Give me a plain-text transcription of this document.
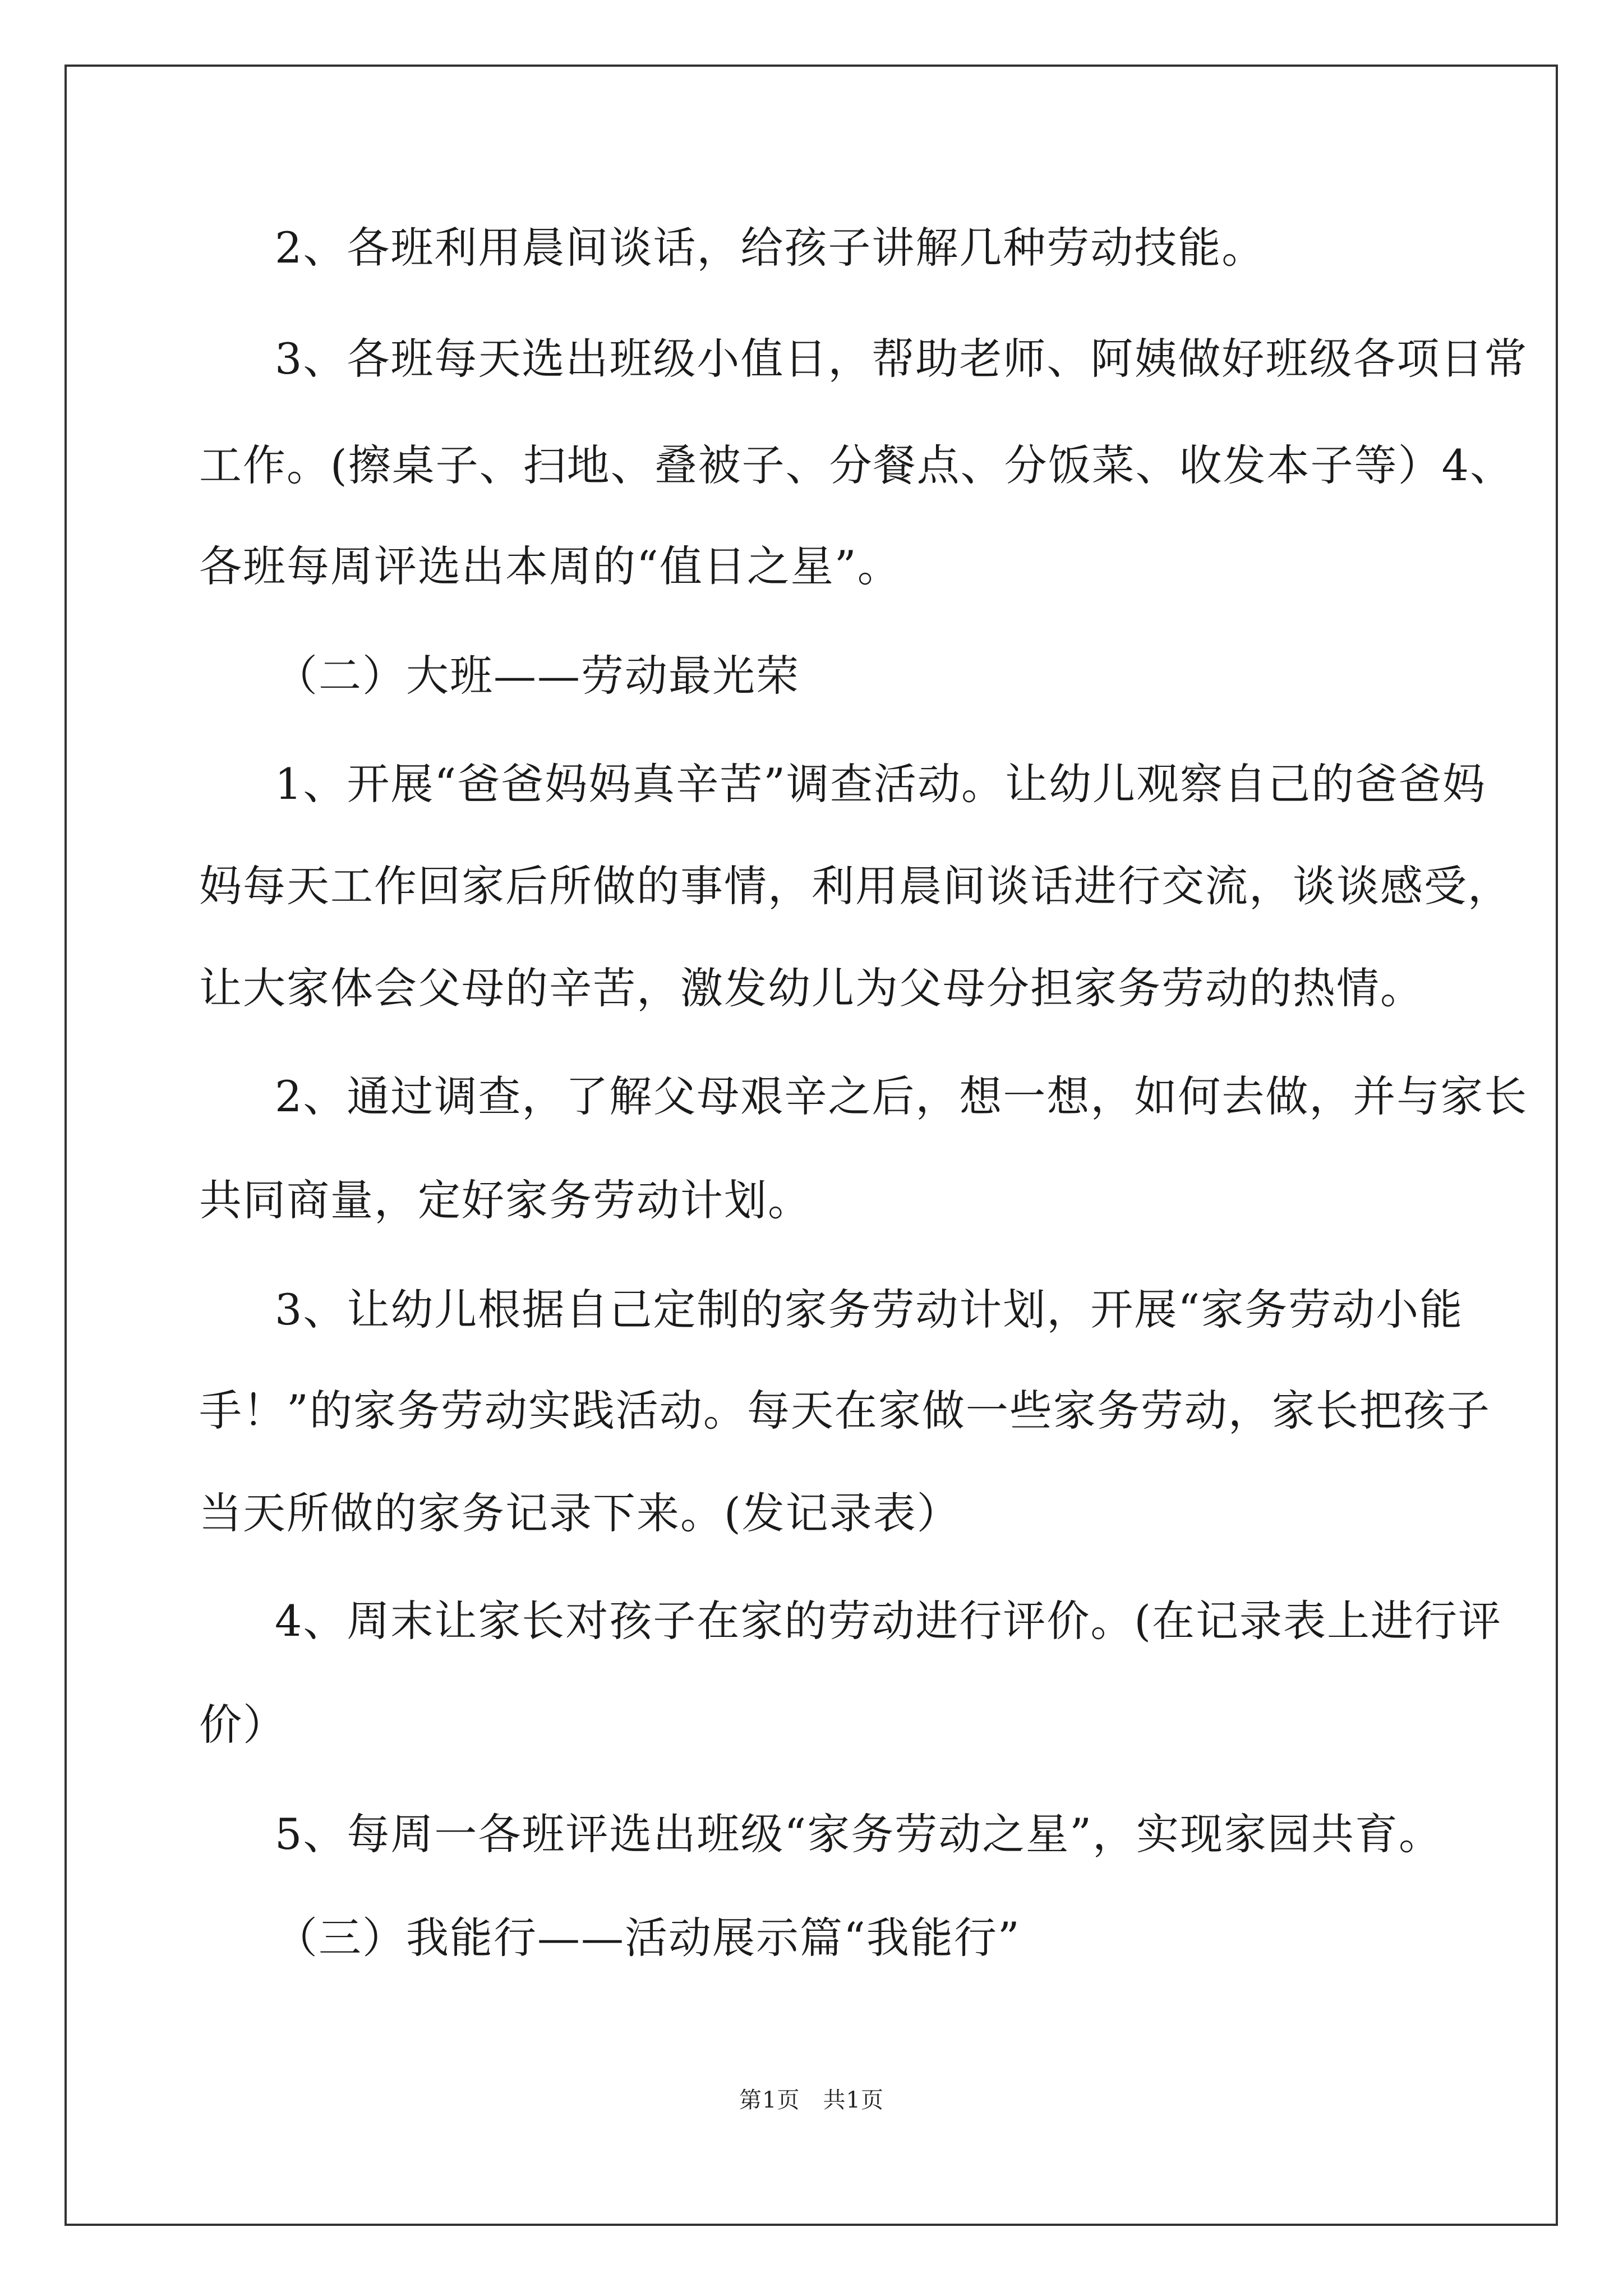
2、各班利用晨间谈话，给孩子讲解几种劳动技能。
3、各班每天选出班级小值日，帮助老师、阿姨做好班级各项日常
工作。(擦桌子、扫地、叠被子、分餐点、分饭菜、收发本子等）4、
各班每周评选出本周的“值日之星”。
（二）大班——劳动最光荣
1、开展“爸爸妈妈真辛苦”调查活动。让幼儿观察自己的爸爸妈
妈每天工作回家后所做的事情，利用晨间谈话进行交流，谈谈感受，
让大家体会父母的辛苦，激发幼儿为父母分担家务劳动的热情。
2、通过调查，了解父母艰辛之后，想一想，如何去做，并与家长
共同商量，定好家务劳动计划。
3、让幼儿根据自己定制的家务劳动计划，开展“家务劳动小能
手！”的家务劳动实践活动。每天在家做一些家务劳动，家长把孩子
当天所做的家务记录下来。(发记录表）
4、周末让家长对孩子在家的劳动进行评价。(在记录表上进行评
价）
5、每周一各班评选出班级“家务劳动之星”，实现家园共育。
（三）我能行——活动展示篇“我能行”
第1页　共1页
